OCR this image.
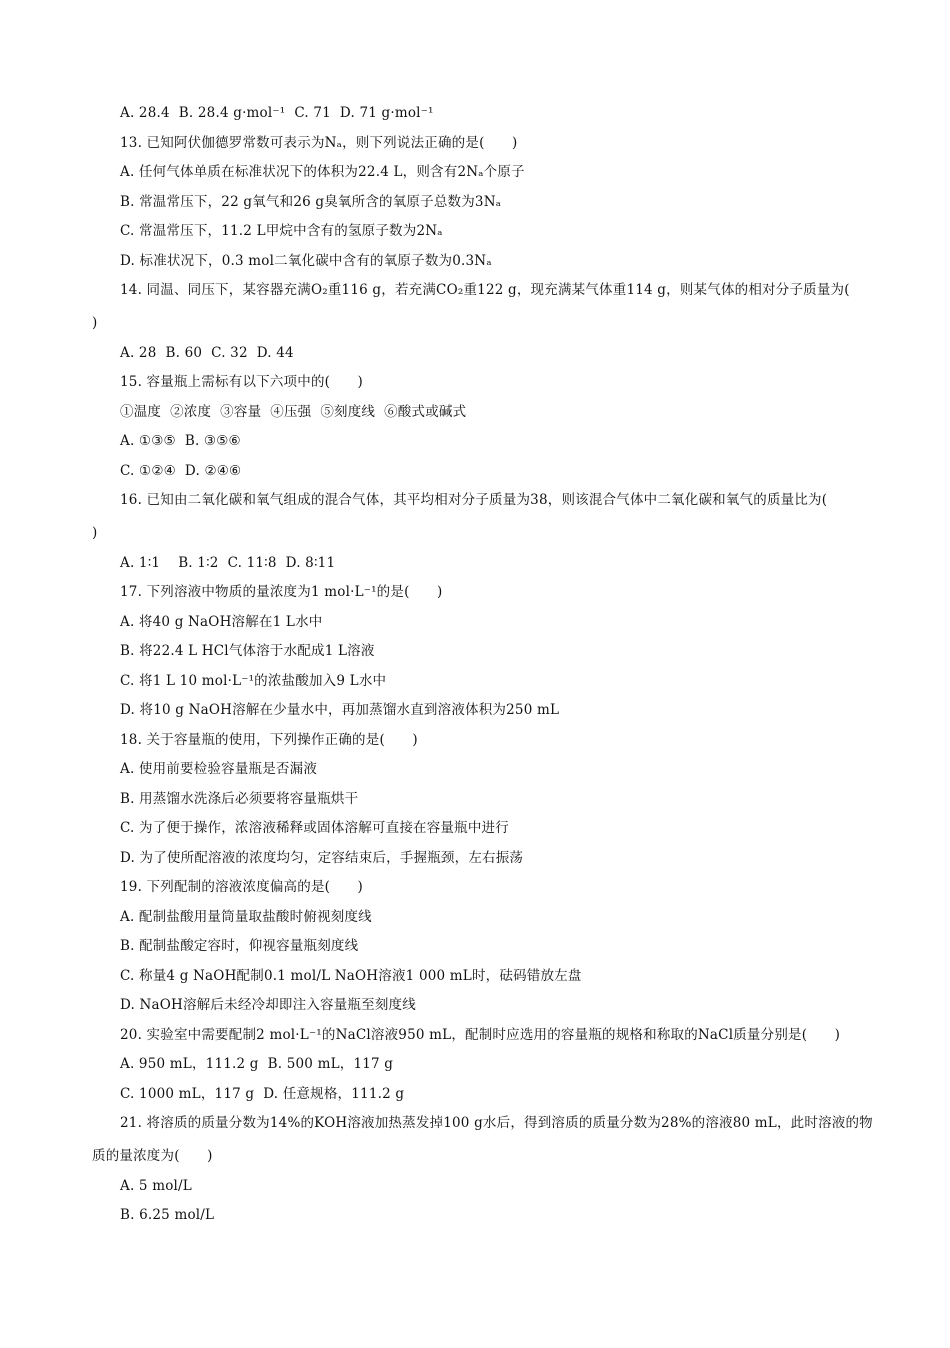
A. 28.4  B. 28.4 g·mol⁻¹  C. 71  D. 71 g·mol⁻¹
13. 已知阿伏伽德罗常数可表示为Nₐ，则下列说法正确的是(　　)
A. 任何气体单质在标准状况下的体积为22.4 L，则含有2Nₐ个原子
B. 常温常压下，22 g氧气和26 g臭氧所含的氧原子总数为3Nₐ
C. 常温常压下，11.2 L甲烷中含有的氢原子数为2Nₐ
D. 标准状况下，0.3 mol二氧化碳中含有的氧原子数为0.3Nₐ
14. 同温、同压下，某容器充满O₂重116 g，若充满CO₂重122 g，现充满某气体重114 g，则某气体的相对分子质量为(
)
A. 28  B. 60  C. 32  D. 44
15. 容量瓶上需标有以下六项中的(　　)
①温度  ②浓度  ③容量  ④压强  ⑤刻度线  ⑥酸式或碱式
A. ①③⑤  B. ③⑤⑥
C. ①②④  D. ②④⑥
16. 已知由二氧化碳和氧气组成的混合气体，其平均相对分子质量为38，则该混合气体中二氧化碳和氧气的质量比为(
)
A. 1∶1    B. 1∶2  C. 11∶8  D. 8∶11
17. 下列溶液中物质的量浓度为1 mol·L⁻¹的是(　　)
A. 将40 g NaOH溶解在1 L水中
B. 将22.4 L HCl气体溶于水配成1 L溶液
C. 将1 L 10 mol·L⁻¹的浓盐酸加入9 L水中
D. 将10 g NaOH溶解在少量水中，再加蒸馏水直到溶液体积为250 mL
18. 关于容量瓶的使用，下列操作正确的是(　　)
A. 使用前要检验容量瓶是否漏液
B. 用蒸馏水洗涤后必须要将容量瓶烘干
C. 为了便于操作，浓溶液稀释或固体溶解可直接在容量瓶中进行
D. 为了使所配溶液的浓度均匀，定容结束后，手握瓶颈，左右振荡
19. 下列配制的溶液浓度偏高的是(　　)
A. 配制盐酸用量筒量取盐酸时俯视刻度线
B. 配制盐酸定容时，仰视容量瓶刻度线
C. 称量4 g NaOH配制0.1 mol/L NaOH溶液1 000 mL时，砝码错放左盘
D. NaOH溶解后未经冷却即注入容量瓶至刻度线
20. 实验室中需要配制2 mol·L⁻¹的NaCl溶液950 mL，配制时应选用的容量瓶的规格和称取的NaCl质量分别是(　　)
A. 950 mL，111.2 g  B. 500 mL，117 g
C. 1000 mL，117 g  D. 任意规格，111.2 g
21. 将溶质的质量分数为14%的KOH溶液加热蒸发掉100 g水后，得到溶质的质量分数为28%的溶液80 mL，此时溶液的物
质的量浓度为(　　)
A. 5 mol/L
B. 6.25 mol/L
